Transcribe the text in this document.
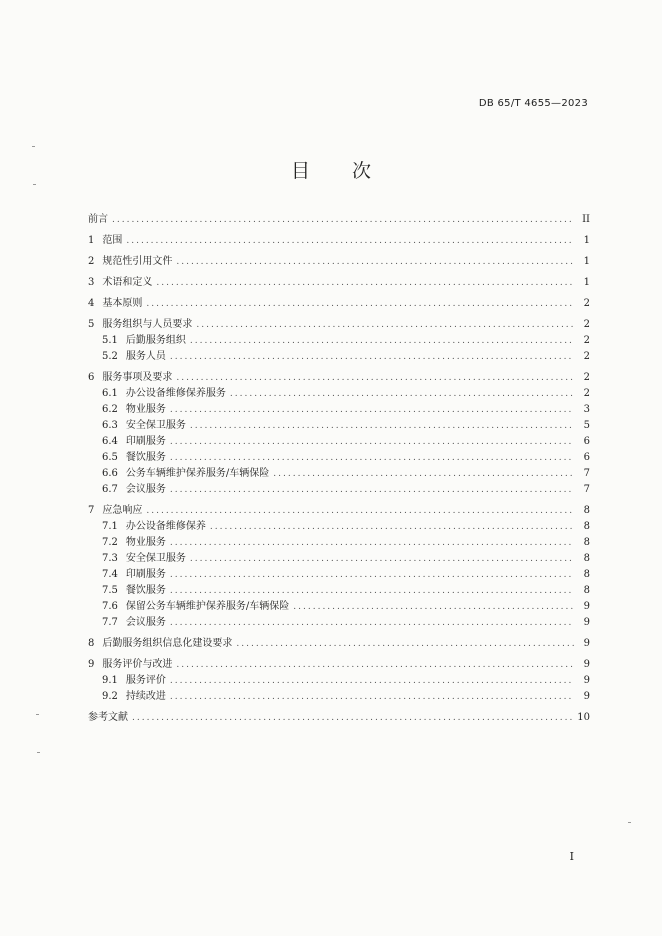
DB 65/T 4655—2023
目 次
前言 .....	II
1 范围 .....	1
2 规范性引用文件 .....	1
3 术语和定义 .....	1
4 基本原则 .....	2
5 服务组织与人员要求 .....	2
5.1 后勤服务组织 .....	2
5.2 服务人员 .....	2
6 服务事项及要求 .....	2
6.1 办公设备维修保养服务 .....	2
6.2 物业服务 .....	3
6.3 安全保卫服务 .....	5
6.4 印刷服务 .....	6
6.5 餐饮服务 .....	6
6.6 公务车辆维护保养服务/车辆保险 .....	7
6.7 会议服务 .....	7
7 应急响应 .....	8
7.1 办公设备维修保养 .....	8
7.2 物业服务 .....	8
7.3 安全保卫服务 .....	8
7.4 印刷服务 .....	8
7.5 餐饮服务 .....	8
7.6 保留公务车辆维护保养服务/车辆保险 .....	9
7.7 会议服务 .....	9
8 后勤服务组织信息化建设要求 .....	9
9 服务评价与改进 .....	9
9.1 服务评价 .....	9
9.2 持续改进 .....	9
参考文献 .....	10
I
